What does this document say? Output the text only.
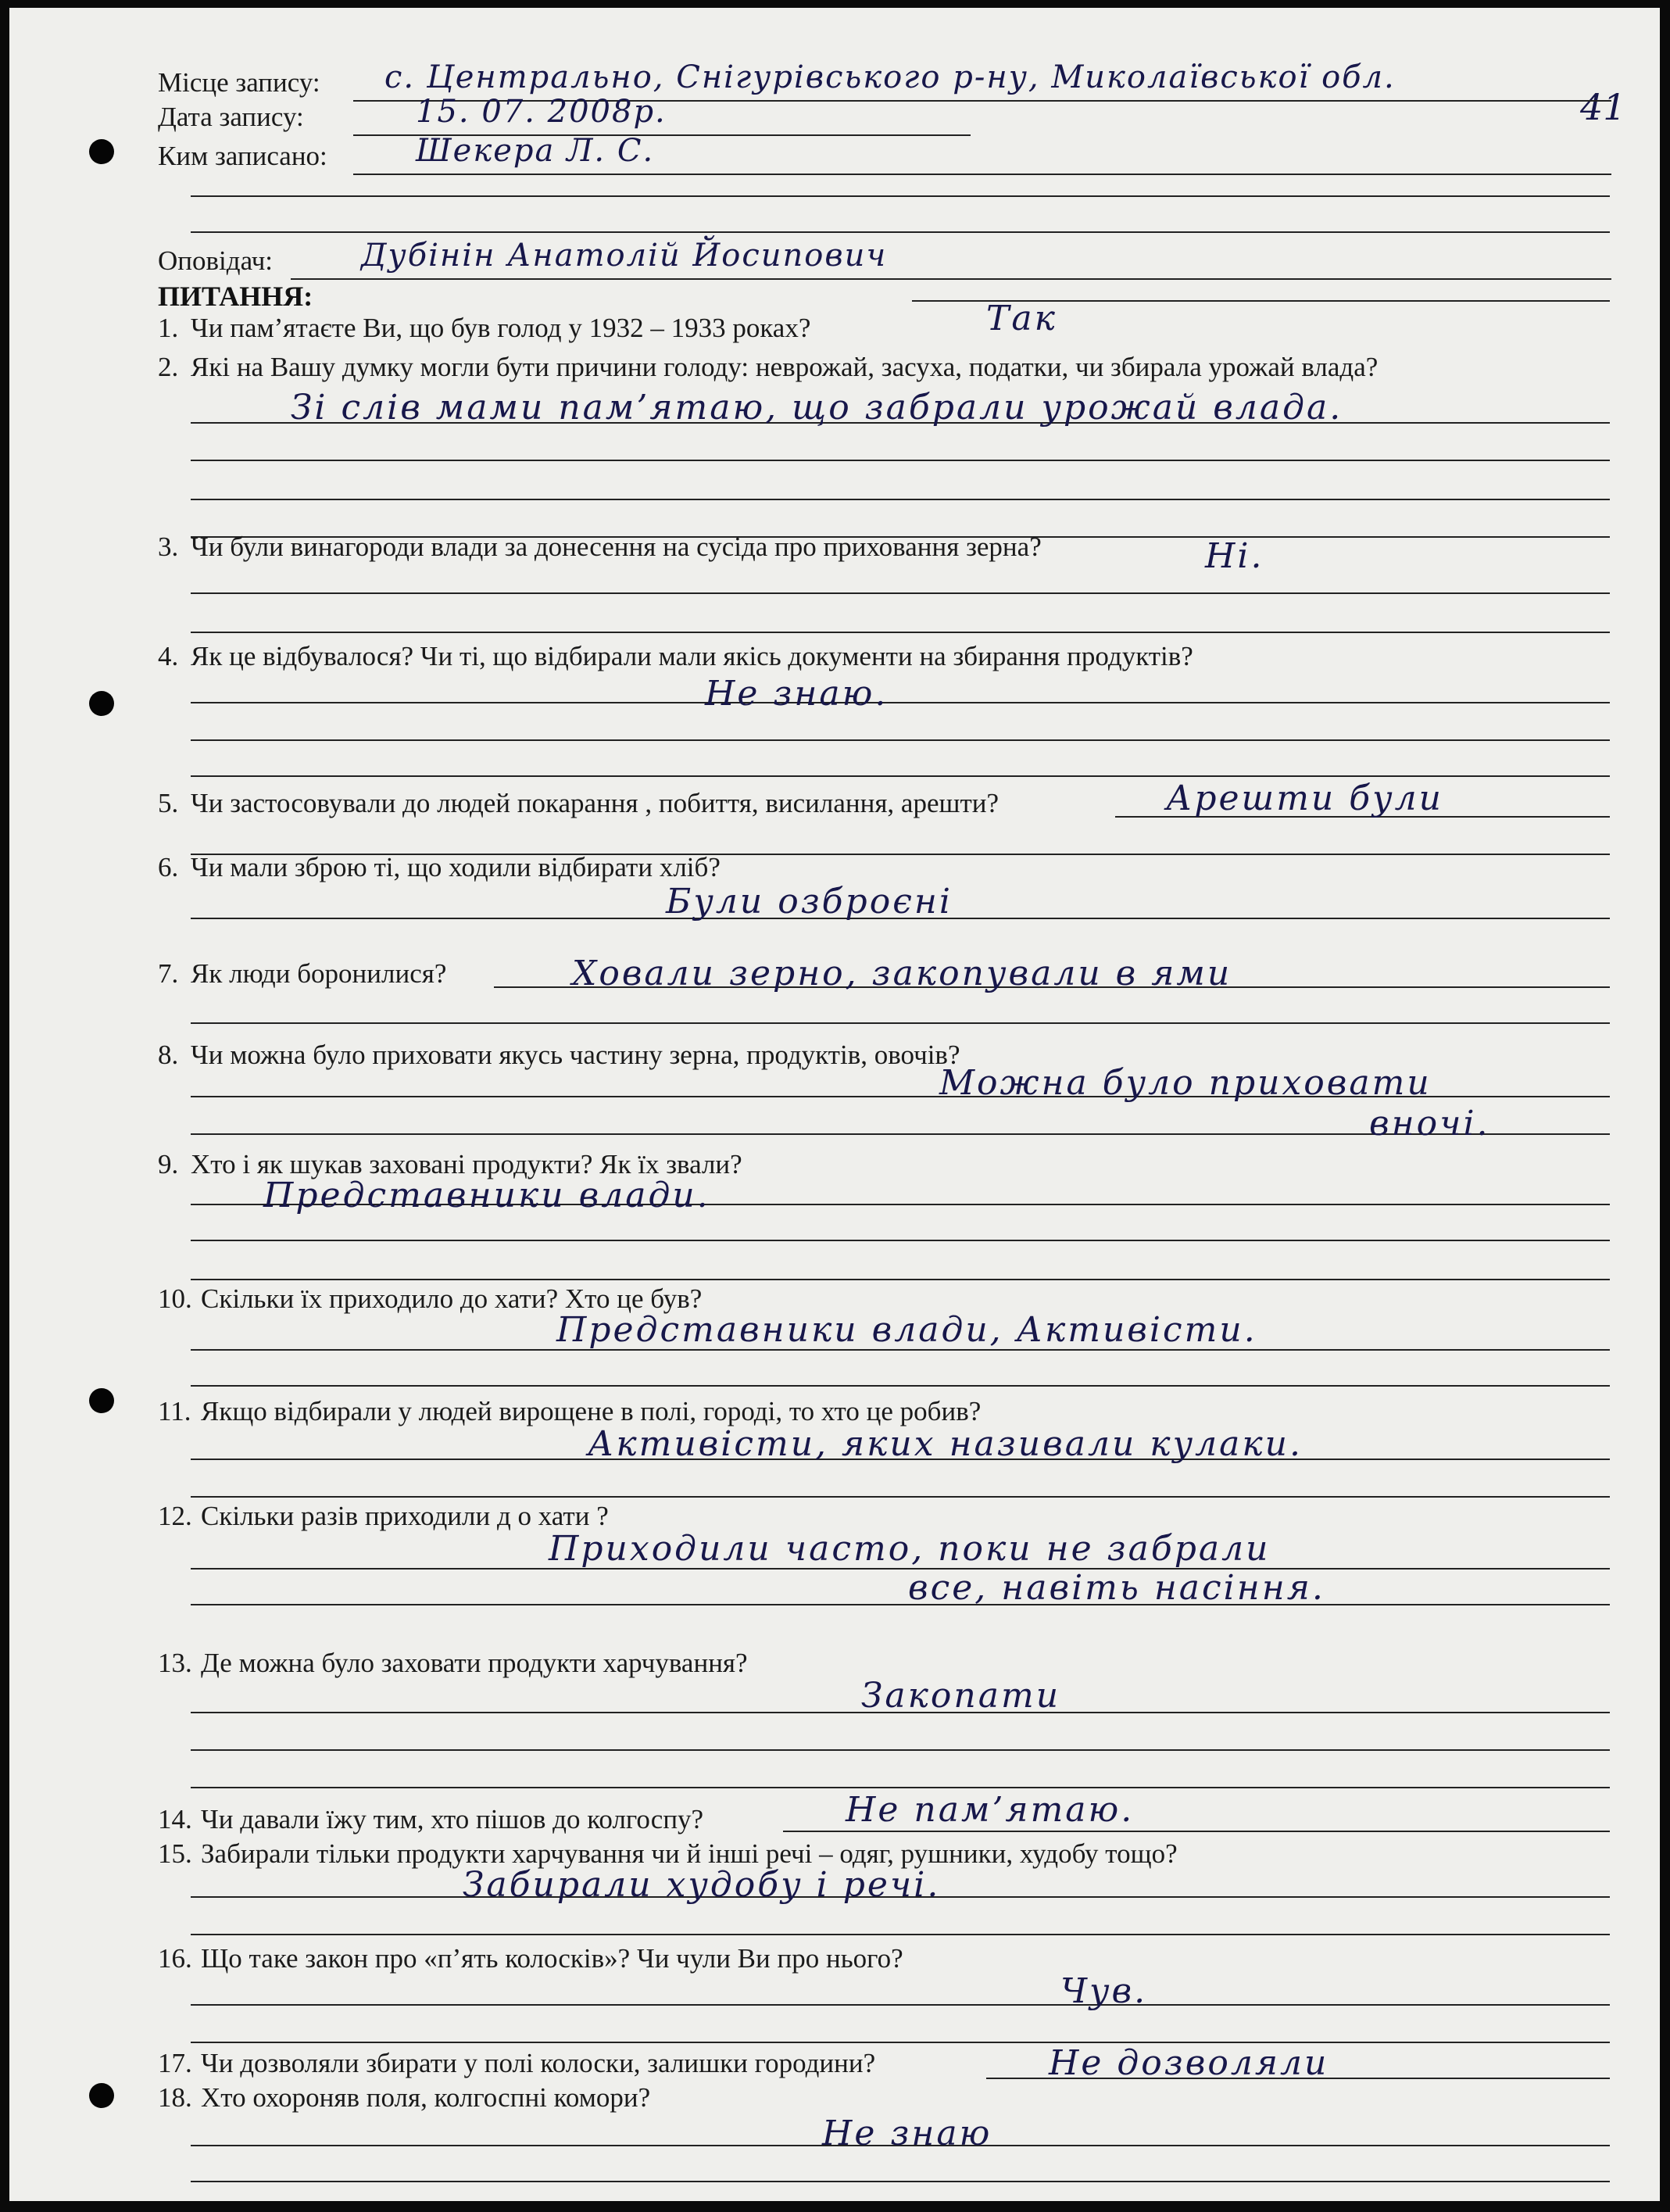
41
Місце запису: с. Центрально, Снігурівського р-ну, Миколаївської обл.
Дата запису:	15. 07. 2008р.
Ким записано:	Шекера Л. С.
Оповідач:	Дубінін Анатолій Йосипович
ПИТАННЯ:
1. Чи пам’ятаєте Ви, що був голод у 1932 – 1933 роках?	Так
2. Які на Вашу думку могли бути причини голоду: неврожай, засуха, податки, чи збирала урожай влада?
Зі слів мами пам’ятаю, що забрали урожай влада.
3. Чи були винагороди влади за донесення на сусіда про приховання зерна?	Ні.
4. Як це відбувалося? Чи ті, що відбирали мали якісь документи на збирання продуктів?
Не знаю.
5. Чи застосовували до людей покарання , побиття, висилання, арешти?	Арешти були
6. Чи мали зброю ті, що ходили відбирати хліб?
Були озброєні
7. Як люди боронилися?	Ховали зерно, закопували в ями
8. Чи можна було приховати якусь частину зерна, продуктів, овочів?
Можна було приховати
вночі.
9. Хто і як шукав заховані продукти? Як їх звали?
Представники влади.
10. Скільки їх приходило до хати? Хто це був?
Представники влади, Активісти.
11. Якщо відбирали у людей вирощене в полі, городі, то хто це робив?
Активісти, яких називали кулаки.
12. Скільки разів приходили д о хати ?
Приходили часто, поки не забрали
все, навіть насіння.
13. Де можна було заховати продукти харчування?
Закопати
14. Чи давали їжу тим, хто пішов до колгоспу?	Не пам’ятаю.
15. Забирали тільки продукти харчування чи й інші речі – одяг, рушники, худобу тощо?
Забирали худобу і речі.
16. Що таке закон про «п’ять колосків»? Чи чули Ви про нього?
Чув.
17. Чи дозволяли збирати у полі колоски, залишки городини?	Не дозволяли
18. Хто охороняв поля, колгоспні комори?
Не знаю
